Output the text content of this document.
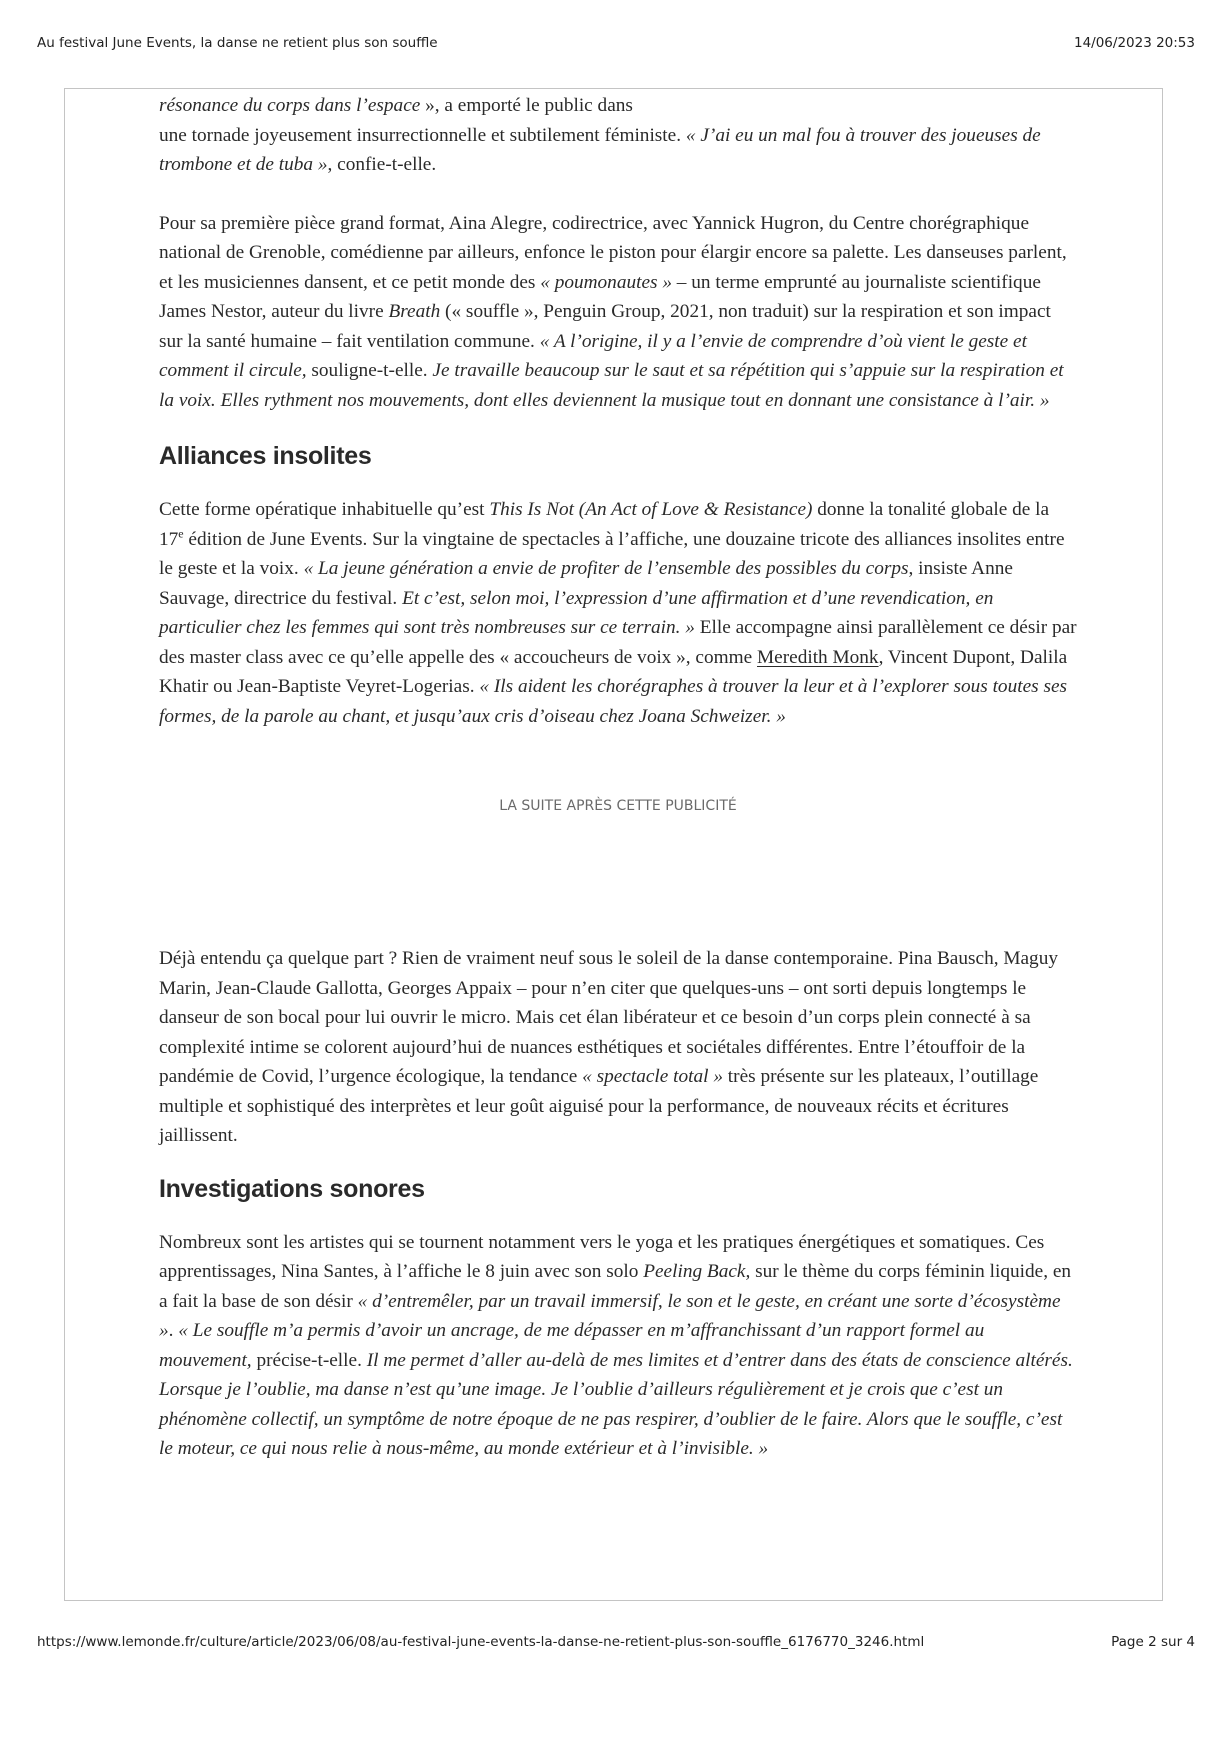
Au festival June Events, la danse ne retient plus son souffle	14/06/2023 20:53

résonance du corps dans l’espace », a emporté le public dans
une tornade joyeusement insurrectionnelle et subtilement féministe. « J’ai eu un mal fou à trouver des joueuses de trombone et de tuba », confie-t-elle.

Pour sa première pièce grand format, Aina Alegre, codirectrice, avec Yannick Hugron, du Centre chorégraphique national de Grenoble, comédienne par ailleurs, enfonce le piston pour élargir encore sa palette. Les danseuses parlent, et les musiciennes dansent, et ce petit monde des « poumonautes » – un terme emprunté au journaliste scientifique James Nestor, auteur du livre Breath (« souffle », Penguin Group, 2021, non traduit) sur la respiration et son impact sur la santé humaine – fait ventilation commune. « A l’origine, il y a l’envie de comprendre d’où vient le geste et comment il circule, souligne-t-elle. Je travaille beaucoup sur le saut et sa répétition qui s’appuie sur la respiration et la voix. Elles rythment nos mouvements, dont elles deviennent la musique tout en donnant une consistance à l’air. »

Alliances insolites

Cette forme opératique inhabituelle qu’est This Is Not (An Act of Love & Resistance) donne la tonalité globale de la 17e édition de June Events. Sur la vingtaine de spectacles à l’affiche, une douzaine tricote des alliances insolites entre le geste et la voix. « La jeune génération a envie de profiter de l’ensemble des possibles du corps, insiste Anne Sauvage, directrice du festival. Et c’est, selon moi, l’expression d’une affirmation et d’une revendication, en particulier chez les femmes qui sont très nombreuses sur ce terrain. » Elle accompagne ainsi parallèlement ce désir par des master class avec ce qu’elle appelle des « accoucheurs de voix », comme Meredith Monk, Vincent Dupont, Dalila Khatir ou Jean-Baptiste Veyret-Logerias. « Ils aident les chorégraphes à trouver la leur et à l’explorer sous toutes ses formes, de la parole au chant, et jusqu’aux cris d’oiseau chez Joana Schweizer. »

LA SUITE APRÈS CETTE PUBLICITÉ

Déjà entendu ça quelque part ? Rien de vraiment neuf sous le soleil de la danse contemporaine. Pina Bausch, Maguy Marin, Jean-Claude Gallotta, Georges Appaix – pour n’en citer que quelques-uns – ont sorti depuis longtemps le danseur de son bocal pour lui ouvrir le micro. Mais cet élan libérateur et ce besoin d’un corps plein connecté à sa complexité intime se colorent aujourd’hui de nuances esthétiques et sociétales différentes. Entre l’étouffoir de la pandémie de Covid, l’urgence écologique, la tendance « spectacle total » très présente sur les plateaux, l’outillage multiple et sophistiqué des interprètes et leur goût aiguisé pour la performance, de nouveaux récits et écritures jaillissent.

Investigations sonores

Nombreux sont les artistes qui se tournent notamment vers le yoga et les pratiques énergétiques et somatiques. Ces apprentissages, Nina Santes, à l’affiche le 8 juin avec son solo Peeling Back, sur le thème du corps féminin liquide, en a fait la base de son désir « d’entremêler, par un travail immersif, le son et le geste, en créant une sorte d’écosystème ». « Le souffle m’a permis d’avoir un ancrage, de me dépasser en m’affranchissant d’un rapport formel au mouvement, précise-t-elle. Il me permet d’aller au-delà de mes limites et d’entrer dans des états de conscience altérés. Lorsque je l’oublie, ma danse n’est qu’une image. Je l’oublie d’ailleurs régulièrement et je crois que c’est un phénomène collectif, un symptôme de notre époque de ne pas respirer, d’oublier de le faire. Alors que le souffle, c’est le moteur, ce qui nous relie à nous-même, au monde extérieur et à l’invisible. »

https://www.lemonde.fr/culture/article/2023/06/08/au-festival-june-events-la-danse-ne-retient-plus-son-souffle_6176770_3246.html	Page 2 sur 4
